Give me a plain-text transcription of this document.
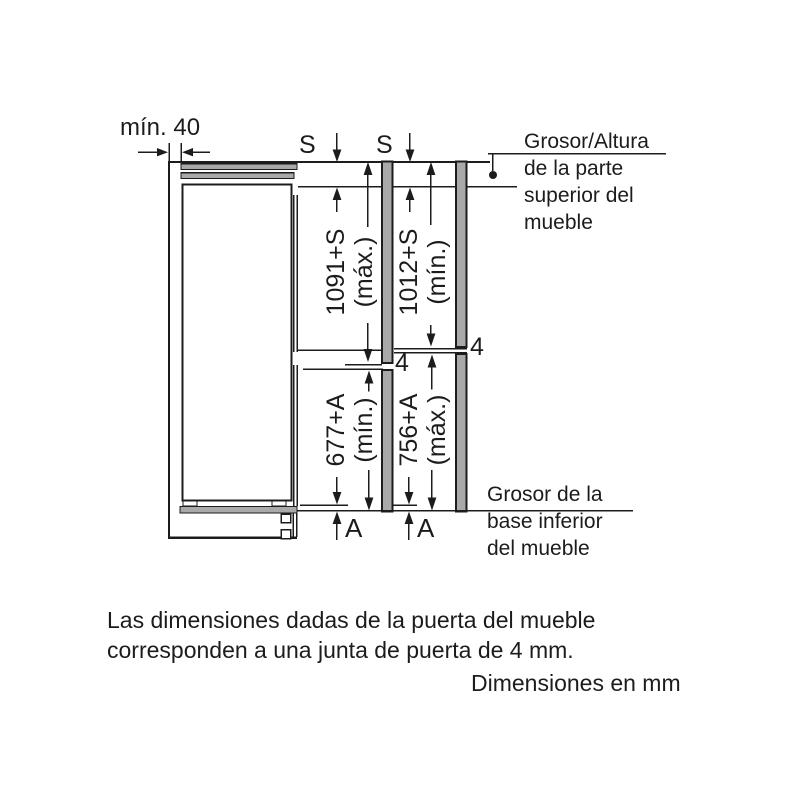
mín. 40
S S
1091+S (máx.) 1012+S (mín.)
677+A (mín.) 756+A (máx.)
4
4
A A
Grosor/Altura
de la parte
superior del
mueble
Grosor de la
base inferior
del mueble
Las dimensiones dadas de la puerta del mueble
corresponden a una junta de puerta de 4 mm.
Dimensiones en mm
